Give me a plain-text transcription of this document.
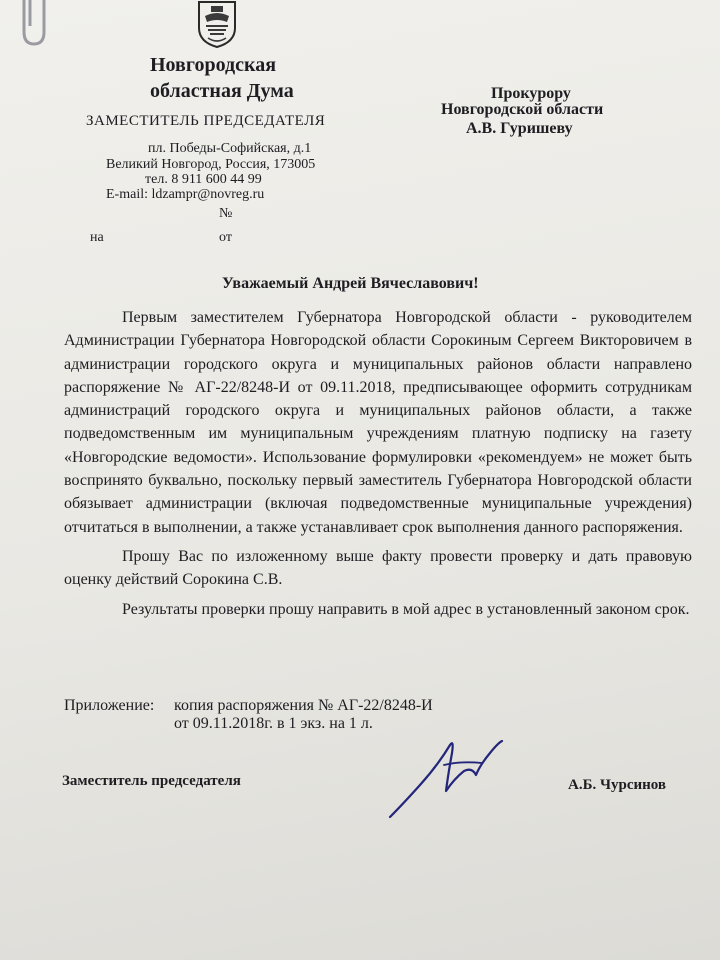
Новгородская
областная Дума
ЗАМЕСТИТЕЛЬ ПРЕДСЕДАТЕЛЯ
пл. Победы-Софийская, д.1
Великий Новгород, Россия, 173005
тел. 8 911 600 44 99
E-mail: ldzampr@novreg.ru
№
на	от
Прокурору
Новгородской области
А.В. Гуришеву
Уважаемый Андрей Вячеславович!

Первым заместителем Губернатора Новгородской области - руководителем Администрации Губернатора Новгородской области Сорокиным Сергеем Викторовичем в администрации городского округа и муниципальных районов области направлено распоряжение № АГ-22/8248-И от 09.11.2018, предписывающее оформить сотрудникам администраций городского округа и муниципальных районов области, а также подведомственным им муниципальным учреждениям платную подписку на газету «Новгородские ведомости». Использование формулировки «рекомендуем» не может быть воспринято буквально, поскольку первый заместитель Губернатора Новгородской области обязывает администрации (включая подведомственные муниципальные учреждения) отчитаться в выполнении, а также устанавливает срок выполнения данного распоряжения.

Прошу Вас по изложенному выше факту провести проверку и дать правовую оценку действий Сорокина С.В.

Результаты проверки прошу направить в мой адрес в установленный законом срок.

Приложение: копия распоряжения № АГ-22/8248-И
от 09.11.2018г. в 1 экз. на 1 л.
Заместитель председателя	А.Б. Чурсинов
